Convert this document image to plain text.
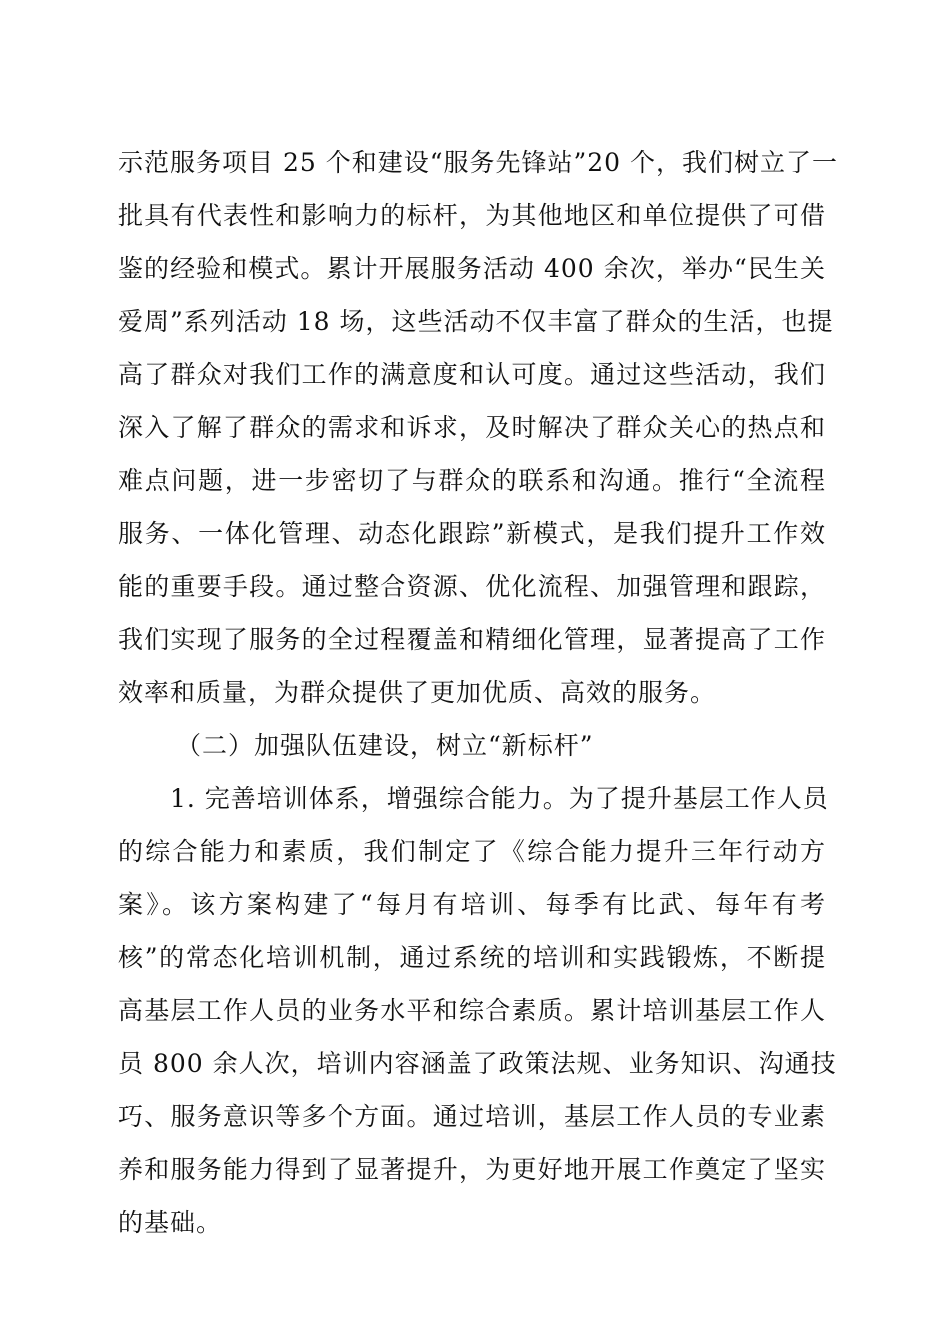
示范服务项目 25 个和建设“服务先锋站”20 个，我们树立了一
批具有代表性和影响力的标杆，为其他地区和单位提供了可借
鉴的经验和模式。累计开展服务活动 400 余次，举办“民生关
爱周”系列活动 18 场，这些活动不仅丰富了群众的生活，也提
高了群众对我们工作的满意度和认可度。通过这些活动，我们
深入了解了群众的需求和诉求，及时解决了群众关心的热点和
难点问题，进一步密切了与群众的联系和沟通。推行“全流程
服务、一体化管理、动态化跟踪”新模式，是我们提升工作效
能的重要手段。通过整合资源、优化流程、加强管理和跟踪，
我们实现了服务的全过程覆盖和精细化管理，显著提高了工作
效率和质量，为群众提供了更加优质、高效的服务。
（二）加强队伍建设，树立“新标杆”
1. 完善培训体系，增强综合能力。为了提升基层工作人员
的综合能力和素质，我们制定了《综合能力提升三年行动方
案》。该方案构建了“每月有培训、每季有比武、每年有考
核”的常态化培训机制，通过系统的培训和实践锻炼，不断提
高基层工作人员的业务水平和综合素质。累计培训基层工作人
员 800 余人次，培训内容涵盖了政策法规、业务知识、沟通技
巧、服务意识等多个方面。通过培训，基层工作人员的专业素
养和服务能力得到了显著提升，为更好地开展工作奠定了坚实
的基础。
